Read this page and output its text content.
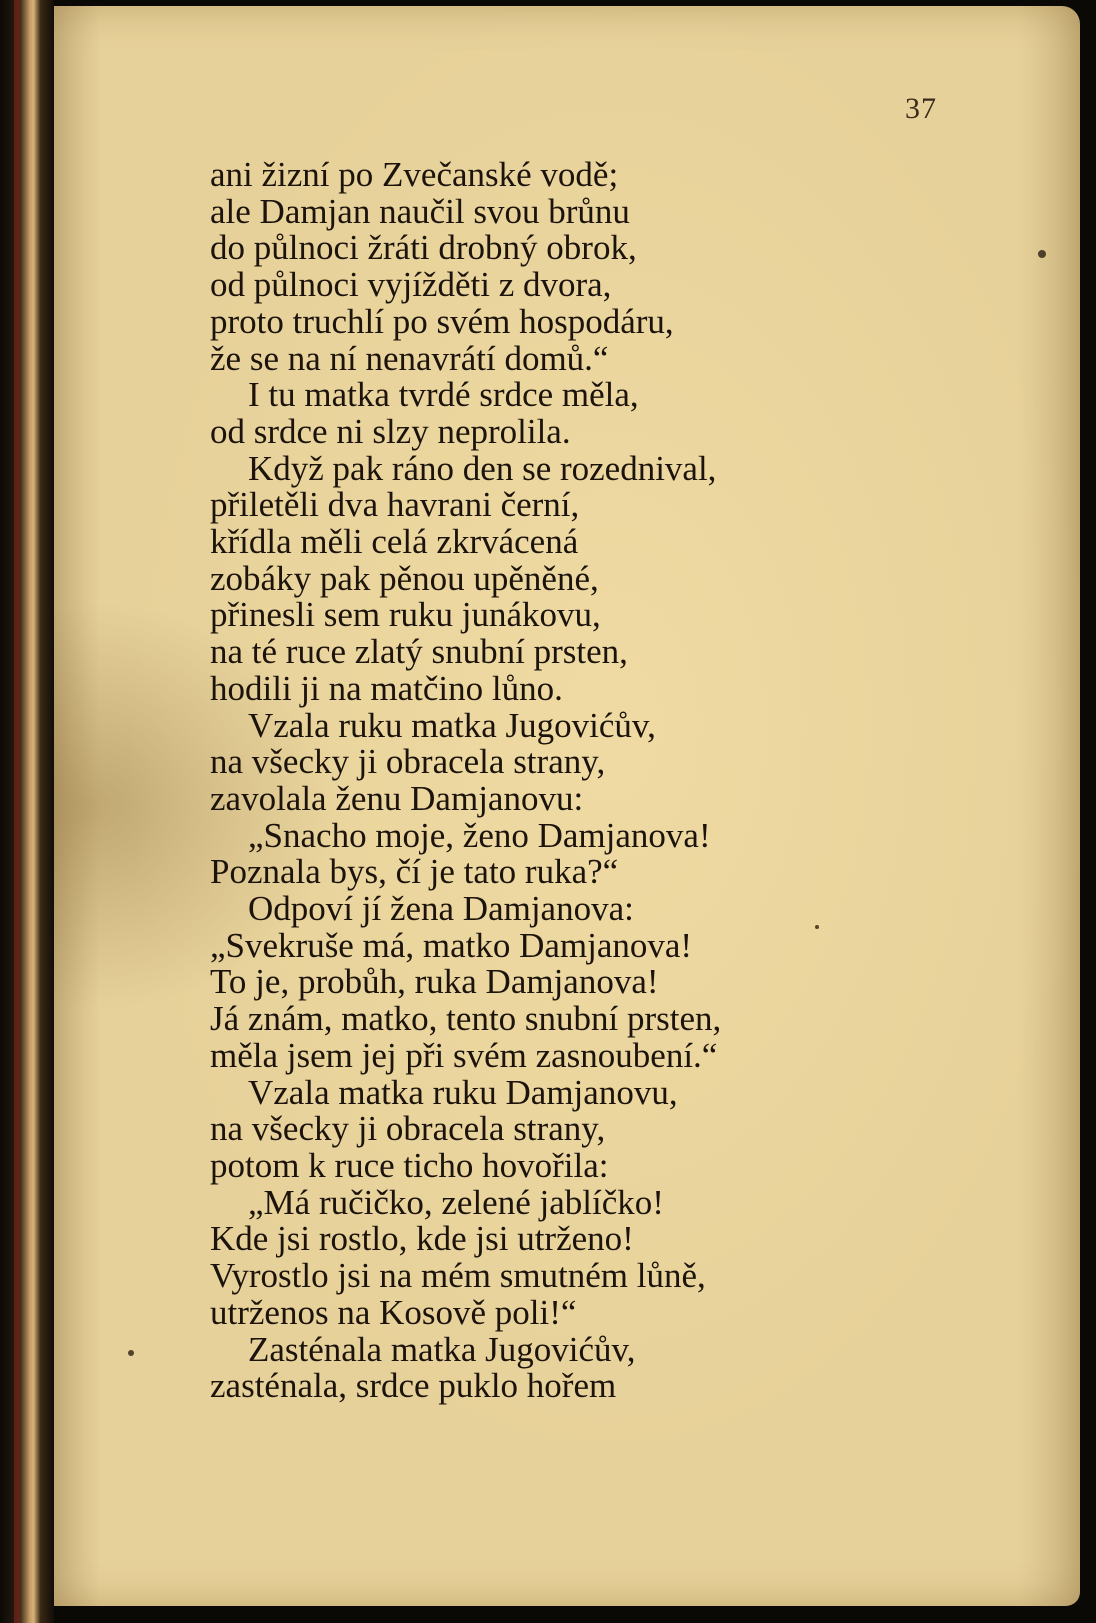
37
ani žizní po Zvečanské vodě;
ale Damjan naučil svou brůnu
do půlnoci žráti drobný obrok,
od půlnoci vyjížděti z dvora,
proto truchlí po svém hospodáru,
že se na ní nenavrátí domů.“
I tu matka tvrdé srdce měla,
od srdce ni slzy neprolila.
Když pak ráno den se rozednival,
přiletěli dva havrani černí,
křídla měli celá zkrvácená
zobáky pak pěnou upěněné,
přinesli sem ruku junákovu,
na té ruce zlatý snubní prsten,
hodili ji na matčino lůno.
Vzala ruku matka Jugovićův,
na všecky ji obracela strany,
zavolala ženu Damjanovu:
„Snacho moje, ženo Damjanova!
Poznala bys, čí je tato ruka?“
Odpoví jí žena Damjanova:
„Svekruše má, matko Damjanova!
To je, probůh, ruka Damjanova!
Já znám, matko, tento snubní prsten,
měla jsem jej při svém zasnoubení.“
Vzala matka ruku Damjanovu,
na všecky ji obracela strany,
potom k ruce ticho hovořila:
„Má ručičko, zelené jablíčko!
Kde jsi rostlo, kde jsi utrženo!
Vyrostlo jsi na mém smutném lůně,
utrženos na Kosově poli!“
Zasténala matka Jugovićův,
zasténala, srdce puklo hořem
